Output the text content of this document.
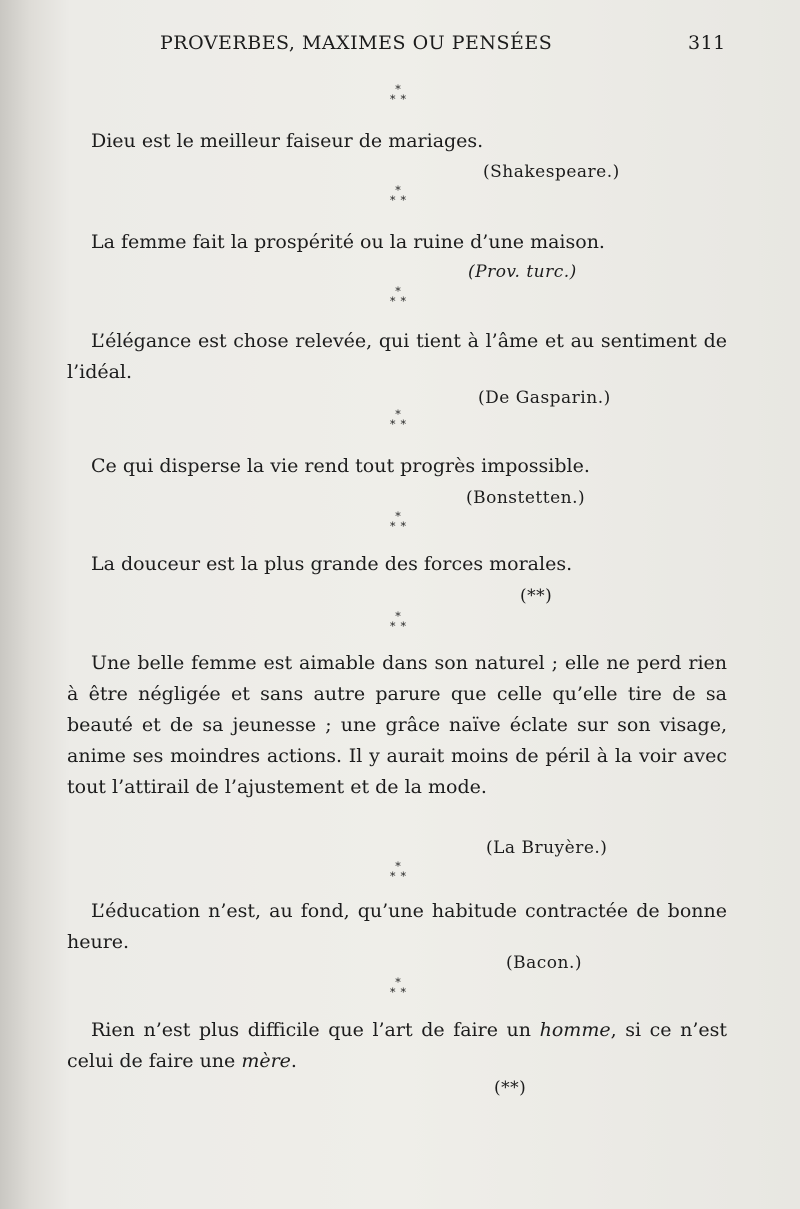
PROVERBES, MAXIMES OU PENSÉES	311
*
**
Dieu est le meilleur faiseur de mariages.
(Shakespeare.)
*
**
La femme fait la prospérité ou la ruine d’une maison.
(Prov. turc.)
*
**
L’élégance est chose relevée, qui tient à l’âme et au sentiment de l’idéal.
(De Gasparin.)
*
**
Ce qui disperse la vie rend tout progrès impossible.
(Bonstetten.)
*
**
La douceur est la plus grande des forces morales.
(**)
*
**
Une belle femme est aimable dans son naturel ; elle ne perd rien à être négligée et sans autre parure que celle qu’elle tire de sa beauté et de sa jeunesse ; une grâce naïve éclate sur son visage, anime ses moindres actions. Il y aurait moins de péril à la voir avec tout l’attirail de l’ajustement et de la mode.
(La Bruyère.)
*
**
L’éducation n’est, au fond, qu’une habitude contractée de bonne heure.
(Bacon.)
*
**
Rien n’est plus difficile que l’art de faire un homme, si ce n’est celui de faire une mère.
(**)
